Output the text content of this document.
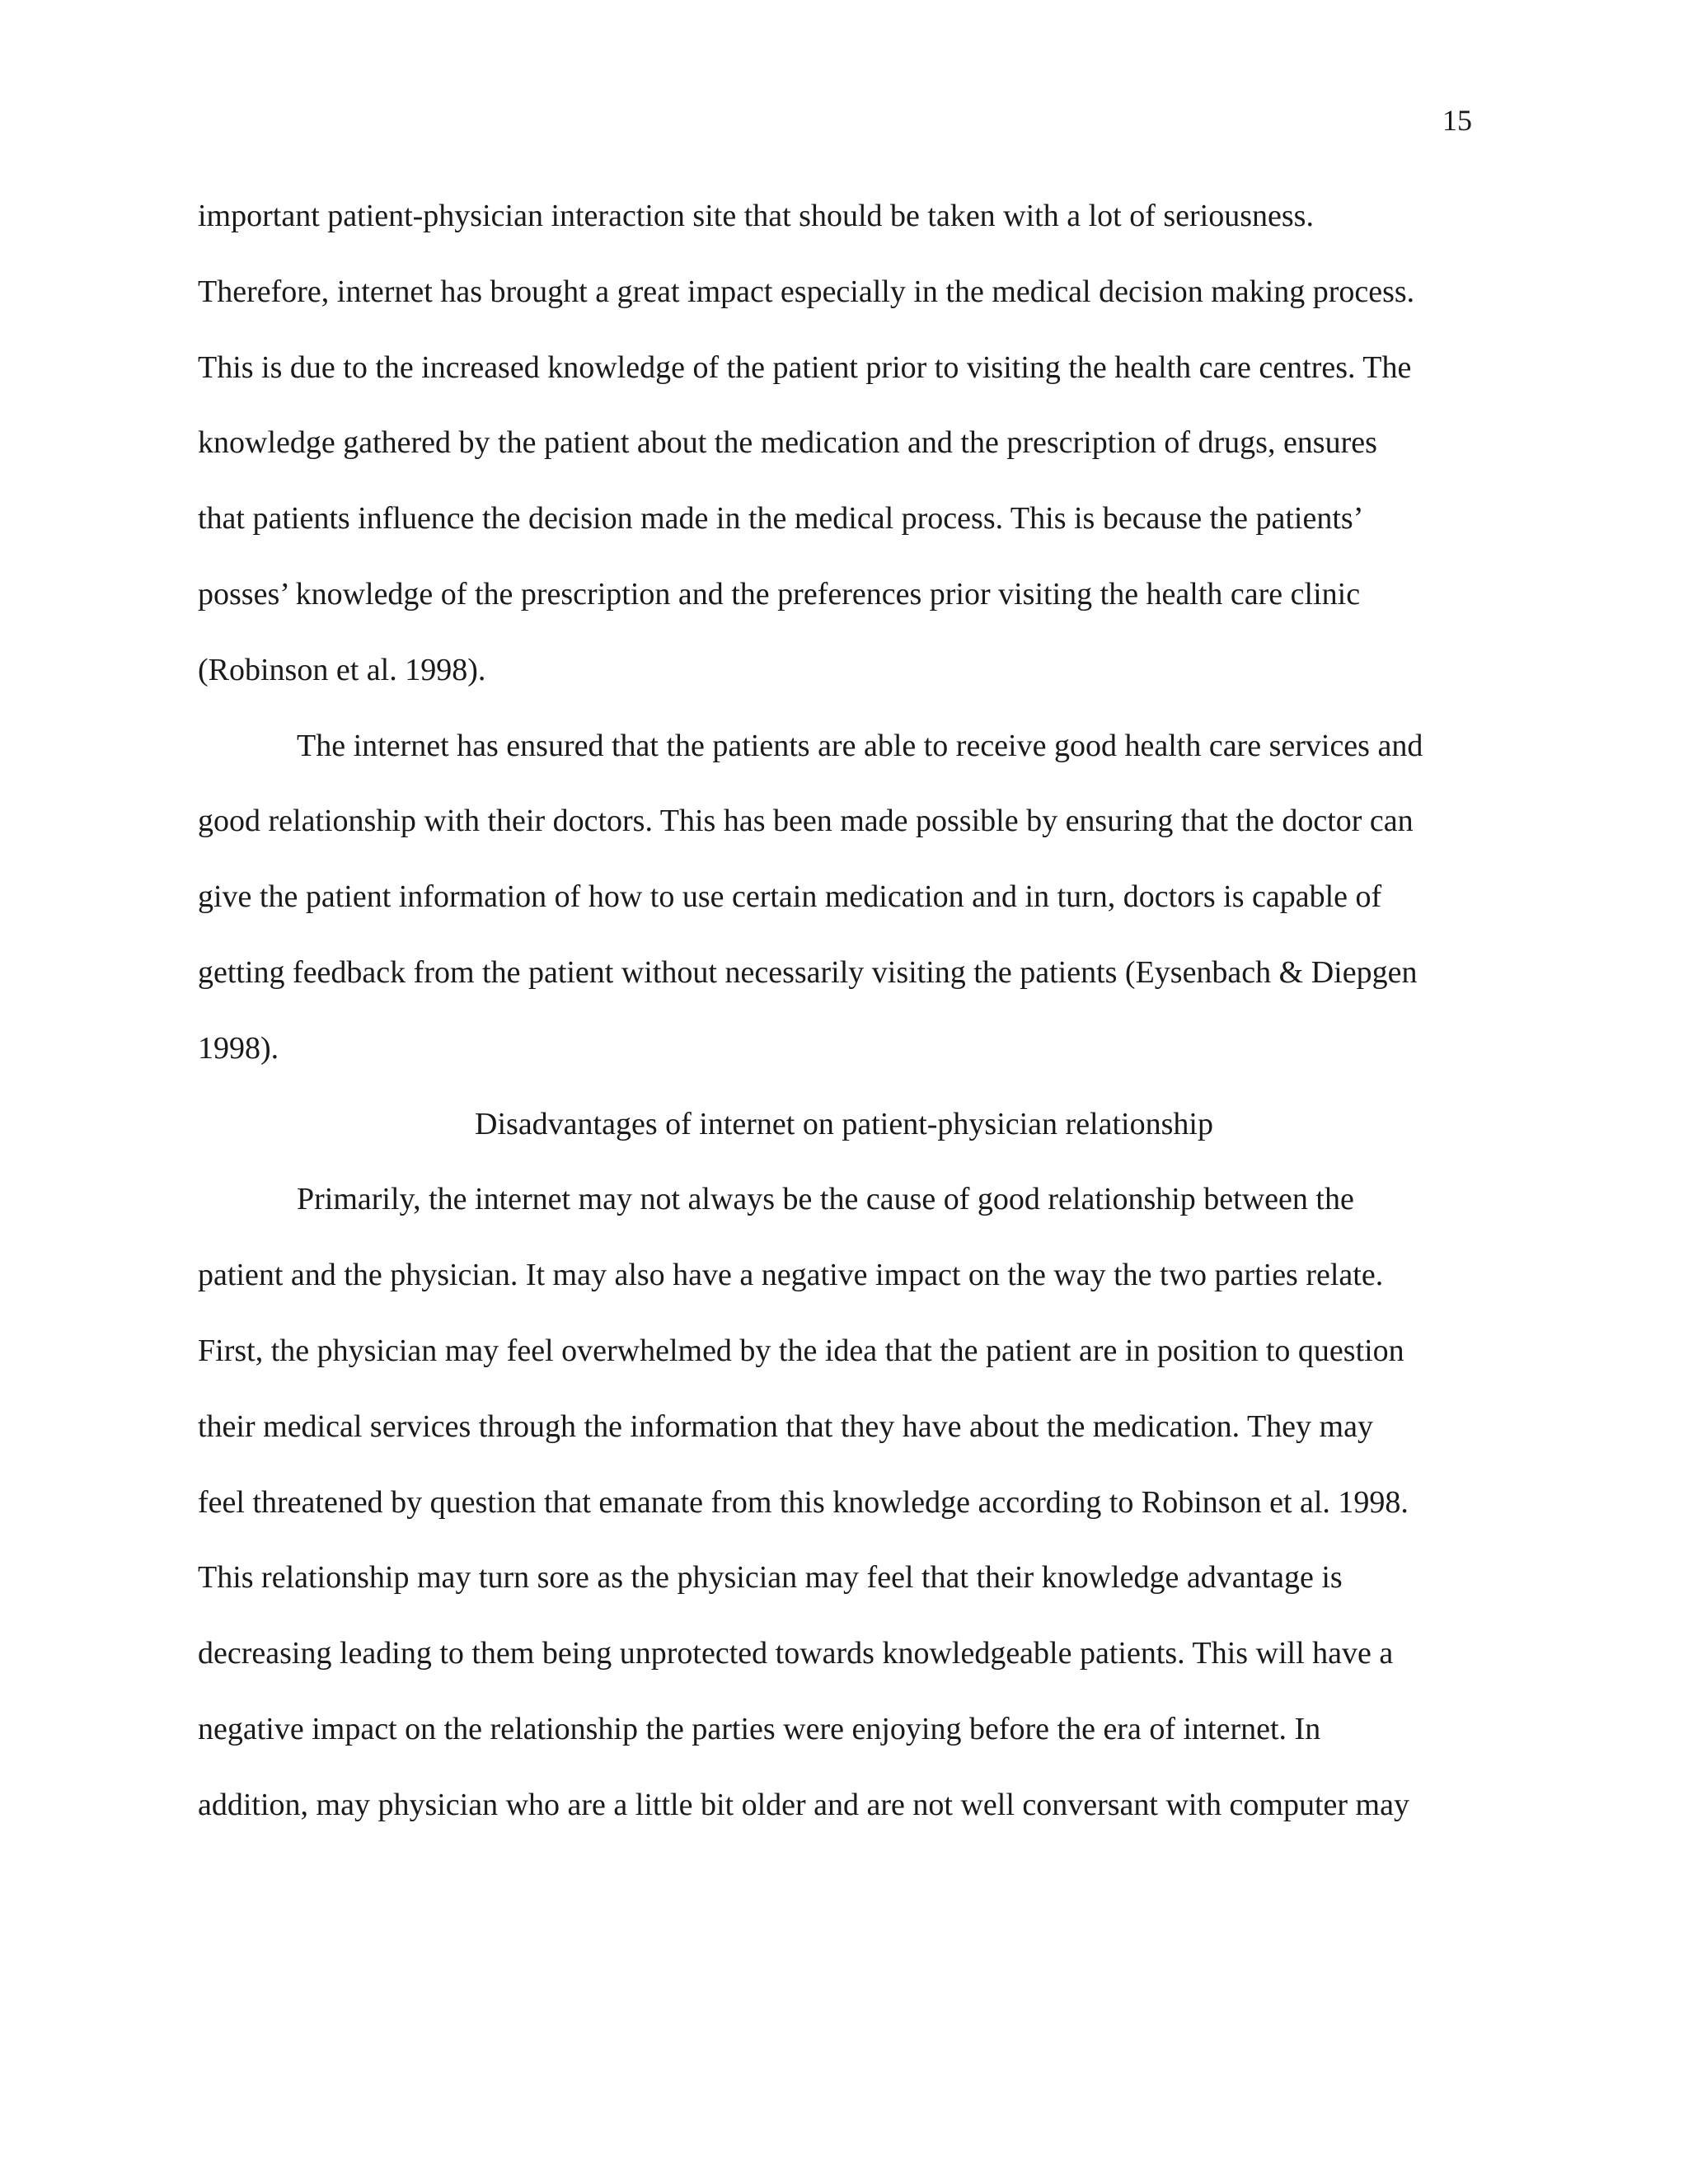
15
important patient-physician interaction site that should be taken with a lot of seriousness.
Therefore, internet has brought a great impact especially in the medical decision making process.
This is due to the increased knowledge of the patient prior to visiting the health care centres. The
knowledge gathered by the patient about the medication and the prescription of drugs, ensures
that patients influence the decision made in the medical process. This is because the patients’
posses’ knowledge of the prescription and the preferences prior visiting the health care clinic
(Robinson et al. 1998).
The internet has ensured that the patients are able to receive good health care services and
good relationship with their doctors. This has been made possible by ensuring that the doctor can
give the patient information of how to use certain medication and in turn, doctors is capable of
getting feedback from the patient without necessarily visiting the patients (Eysenbach & Diepgen
1998).
Disadvantages of internet on patient-physician relationship
Primarily, the internet may not always be the cause of good relationship between the
patient and the physician. It may also have a negative impact on the way the two parties relate.
First, the physician may feel overwhelmed by the idea that the patient are in position to question
their medical services through the information that they have about the medication. They may
feel threatened by question that emanate from this knowledge according to Robinson et al. 1998.
This relationship may turn sore as the physician may feel that their knowledge advantage is
decreasing leading to them being unprotected towards knowledgeable patients. This will have a
negative impact on the relationship the parties were enjoying before the era of internet. In
addition, may physician who are a little bit older and are not well conversant with computer may
